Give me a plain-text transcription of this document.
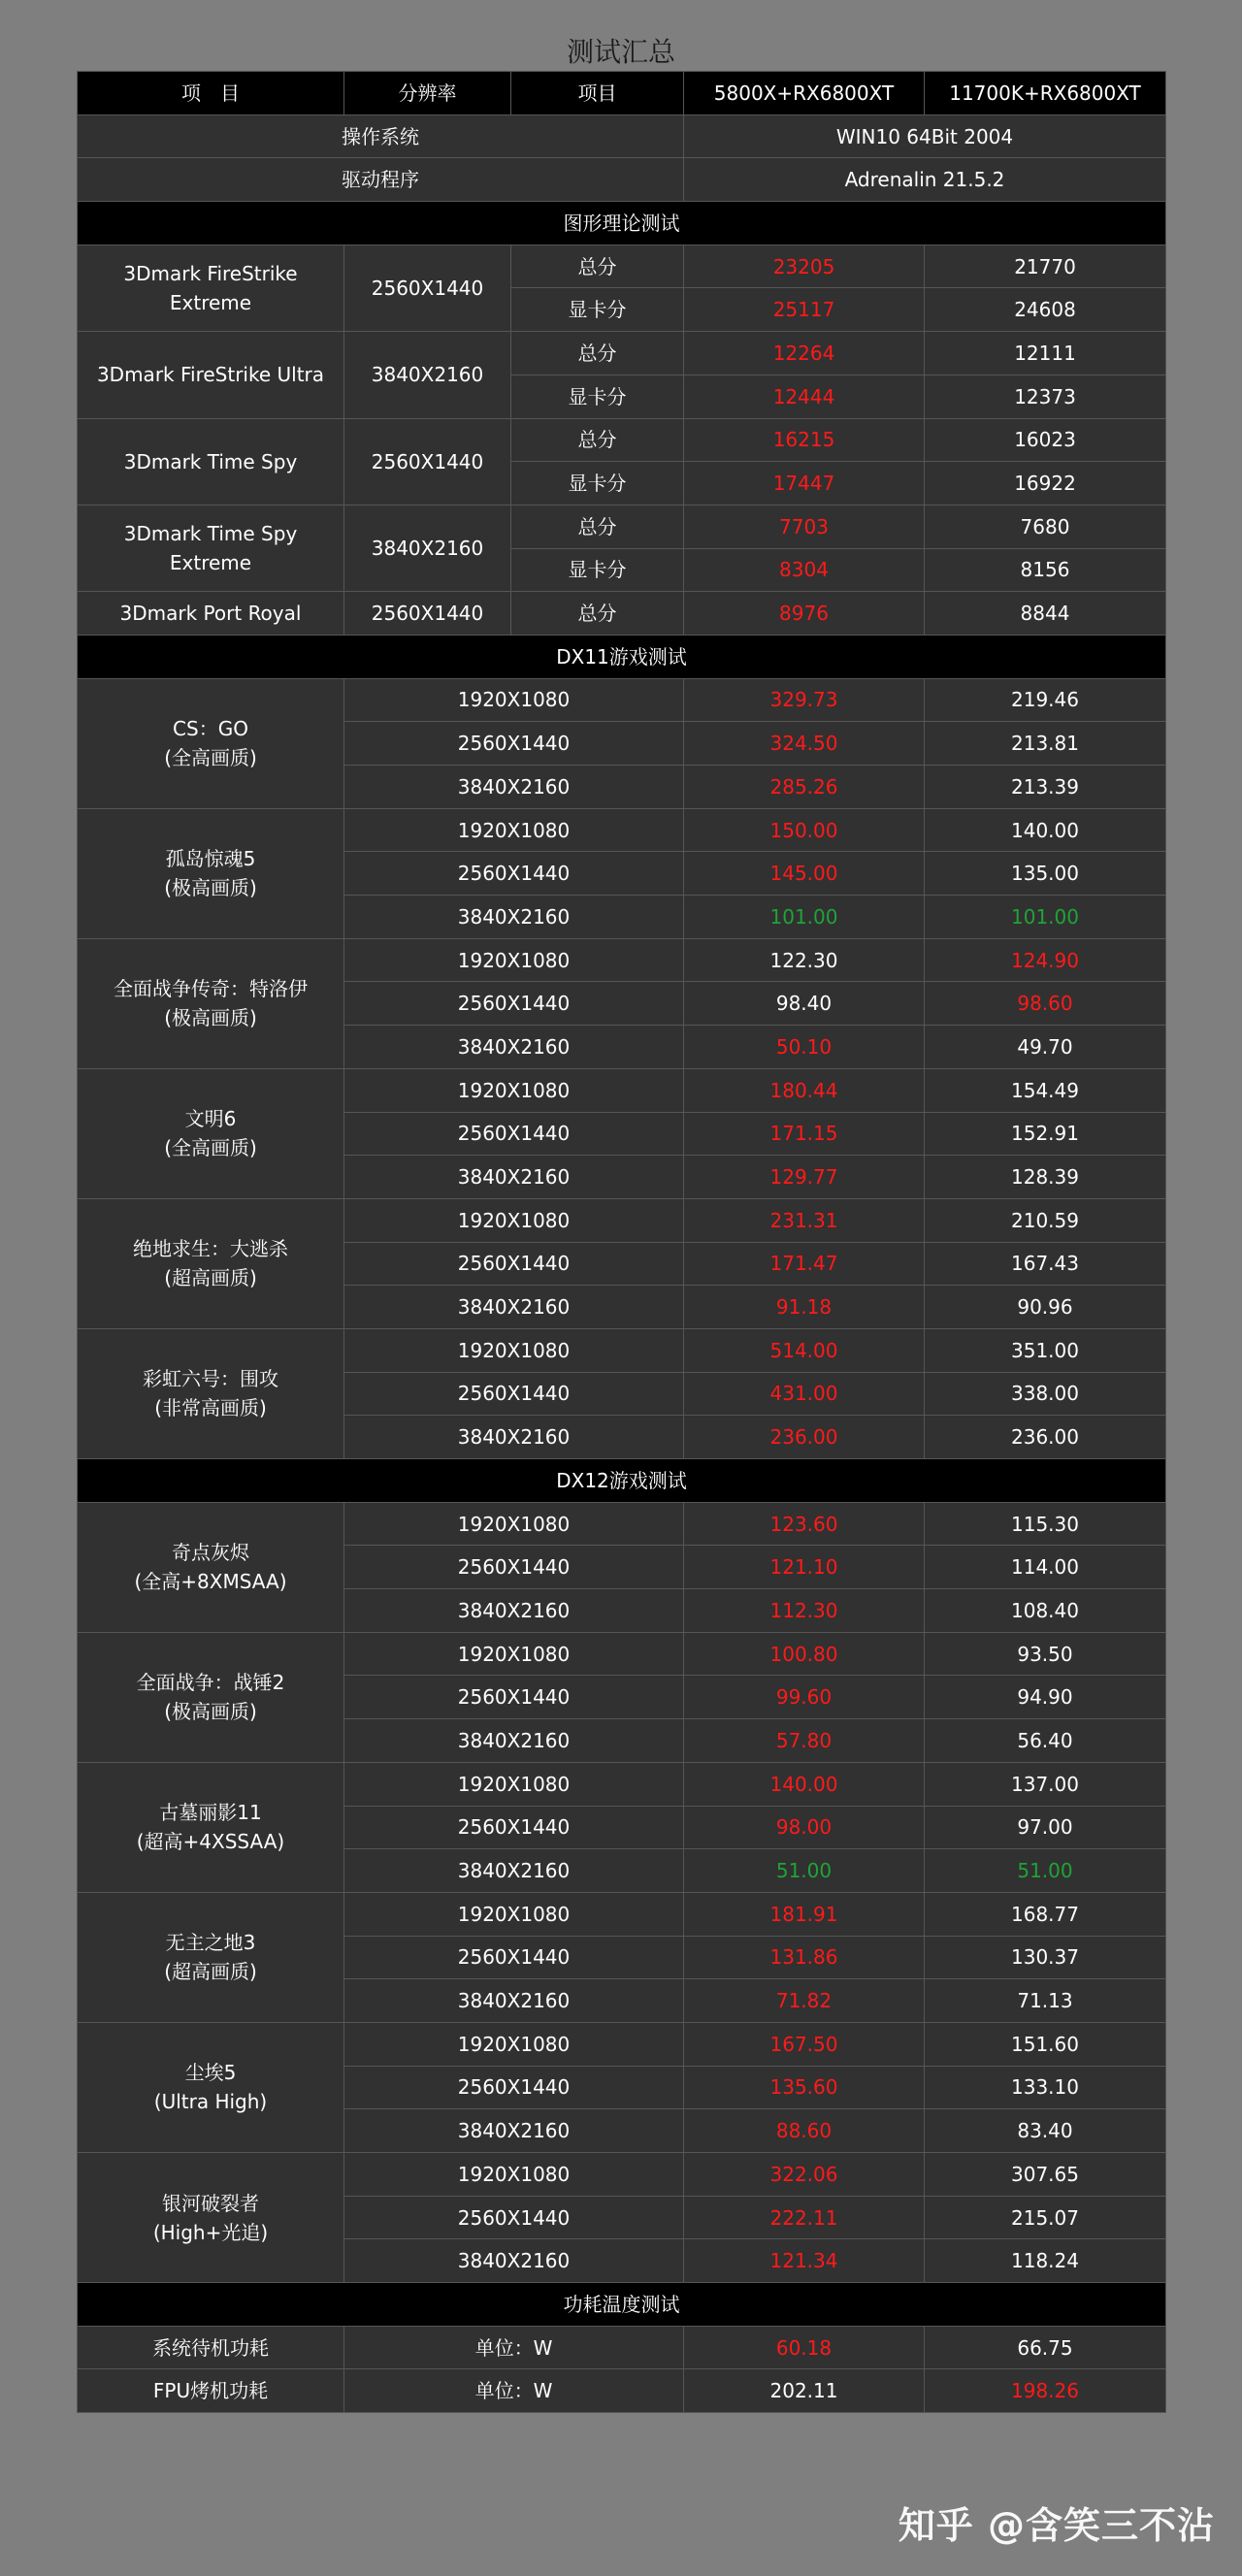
测试汇总
项　目	分辨率	项目	5800X+RX6800XT	11700K+RX6800XT
操作系统			WIN10 64Bit 2004	
驱动程序			Adrenalin 21.5.2	
图形理论测试				
3Dmark FireStrike Extreme	2560X1440	总分	23205	21770
		显卡分	25117	24608
3Dmark FireStrike Ultra	3840X2160	总分	12264	12111
		显卡分	12444	12373
3Dmark Time Spy	2560X1440	总分	16215	16023
		显卡分	17447	16922
3Dmark Time Spy Extreme	3840X2160	总分	7703	7680
		显卡分	8304	8156
3Dmark Port Royal	2560X1440	总分	8976	8844
DX11游戏测试				

CS：GO
(全高画质)	1920X1080		329.73	219.46
	2560X1440		324.50	213.81
	3840X2160		285.26	213.39

孤岛惊魂5
(极高画质)	1920X1080		150.00	140.00
	2560X1440		145.00	135.00
	3840X2160		101.00	101.00

全面战争传奇：特洛伊
(极高画质)	1920X1080		122.30	124.90
	2560X1440		98.40	98.60
	3840X2160		50.10	49.70

文明6
(全高画质)	1920X1080		180.44	154.49
	2560X1440		171.15	152.91
	3840X2160		129.77	128.39

绝地求生：大逃杀
(超高画质)	1920X1080		231.31	210.59
	2560X1440		171.47	167.43
	3840X2160		91.18	90.96

彩虹六号：围攻
(非常高画质)	1920X1080		514.00	351.00
	2560X1440		431.00	338.00
	3840X2160		236.00	236.00
DX12游戏测试				

奇点灰烬
(全高+8XMSAA)	1920X1080		123.60	115.30
	2560X1440		121.10	114.00
	3840X2160		112.30	108.40

全面战争：战锤2
(极高画质)	1920X1080		100.80	93.50
	2560X1440		99.60	94.90
	3840X2160		57.80	56.40

古墓丽影11
(超高+4XSSAA)	1920X1080		140.00	137.00
	2560X1440		98.00	97.00
	3840X2160		51.00	51.00

无主之地3
(超高画质)	1920X1080		181.91	168.77
	2560X1440		131.86	130.37
	3840X2160		71.82	71.13

尘埃5
(Ultra High)	1920X1080		167.50	151.60
	2560X1440		135.60	133.10
	3840X2160		88.60	83.40

银河破裂者
(High+光追)	1920X1080		322.06	307.65
	2560X1440		222.11	215.07
	3840X2160		121.34	118.24
功耗温度测试				
系统待机功耗	单位：W		60.18	66.75
FPU烤机功耗	单位：W		202.11	198.26
知乎 @含笑三不沾
